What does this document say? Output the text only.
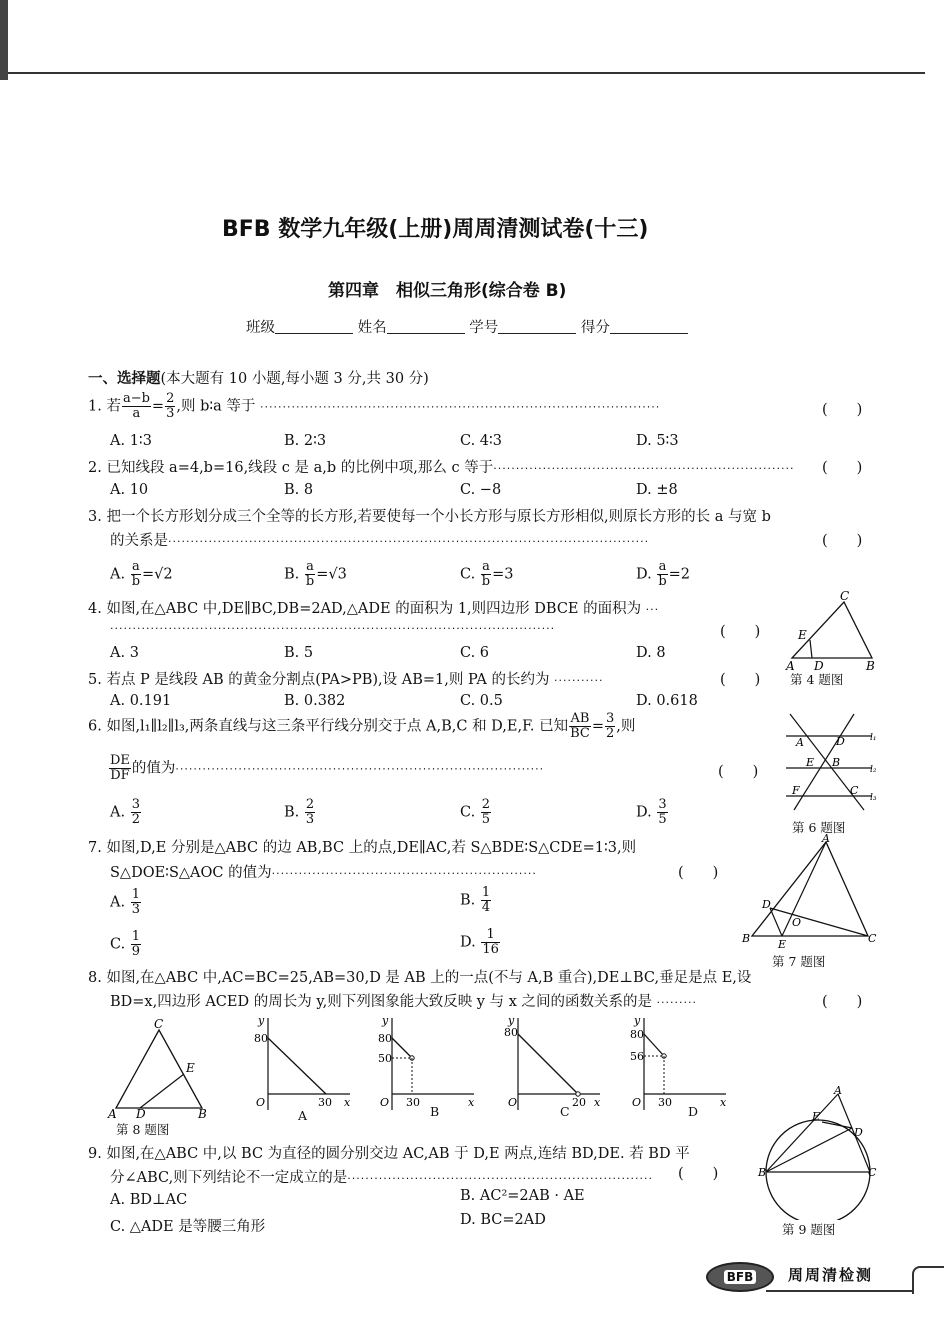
BFB 数学九年级(上册)周周清测试卷(十三)
第四章　相似三角形(综合卷 B)
班级	姓名	学号	得分
一、选择题(本大题有 10 小题,每小题 3 分,共 30 分)
1. 若 $\frac{a-b}{a} = \frac{2}{3}$ ,则 b∶a 等于 ·························································································	(　　)
A. 1∶3	B. 2∶3	C. 4∶3	D. 5∶3
2. 已知线段 a=4,b=16,线段 c 是 a,b 的比例中项,那么 c 等于··································································· (　　)
A. 10	B. 8	C. −8	D. ±8
3. 把一个长方形划分成三个全等的长方形,若要使每一个小长方形与原长方形相似,则原长方形的长 a 与宽 b
的关系是···········································································································	(　　)
A. $\frac{a}{b} =√2$	B. $\frac{a}{b} =√3$	C. $\frac{a}{b} =3$	D. $\frac{a}{b} =2$
4. 如图,在△ABC 中,DE∥BC,DB=2AD,△ADE 的面积为 1,则四边形 DBCE 的面积为 ···
···································································································	(　　)
A. 3	B. 5	C. 6	D. 8
C
E
A D	B
第 4 题图
5. 若点 P 是线段 AB 的黄金分割点(PA>PB),设 AB=1,则 PA 的长约为 ···········	(　　)
A. 0.191	B. 0.382	C. 0.5	D. 0.618
6. 如图,l₁∥l₂∥l₃,两条直线与这三条平行线分别交于点 A,B,C 和 D,E,F. 已知 $\frac{AB}{BC} = \frac{3}{2}$ ,则
$\frac{DE}{DF}$ 的值为··················································································	(　　)
A. $\frac{3}{2}$	B. $\frac{2}{3}$	C. $\frac{2}{5}$	D. $\frac{3}{5}$
A	D
E B
F	C
l₁
l₂
l₃
第 6 题图
7. 如图,D,E 分别是△ABC 的边 AB,BC 上的点,DE∥AC,若 S△BDE∶S△CDE=1∶3,则
S△DOE∶S△AOC 的值为···························································	(　　)
A. $\frac{1}{3}$	B. $\frac{1}{4}$
C. $\frac{1}{9}$	D. $\frac{1}{16}$
A
D
O
B	E	C
第 7 题图
8. 如图,在△ABC 中,AC=BC=25,AB=30,D 是 AB 上的一点(不与 A,B 重合),DE⊥BC,垂足是点 E,设
BD=x,四边形 ACED 的周长为 y,则下列图象能大致反映 y 与 x 之间的函数关系的是 ·········	(　　)
C
E
A D	B
第 8 题图
y
x
O
80
30
A
y
x
O
80
50
30
B
y
x
O
80
20
C
y
x
O
80
56
30
D
9. 如图,在△ABC 中,以 BC 为直径的圆分别交边 AC,AB 于 D,E 两点,连结 BD,DE. 若 BD 平
分∠ABC,则下列结论不一定成立的是···································································· (　　)
A. BD⊥AC	B. AC²=2AB · AE
C. △ADE 是等腰三角形	D. BC=2AD
A
E
D
B	C
第 9 题图
BFB	周周清检测
